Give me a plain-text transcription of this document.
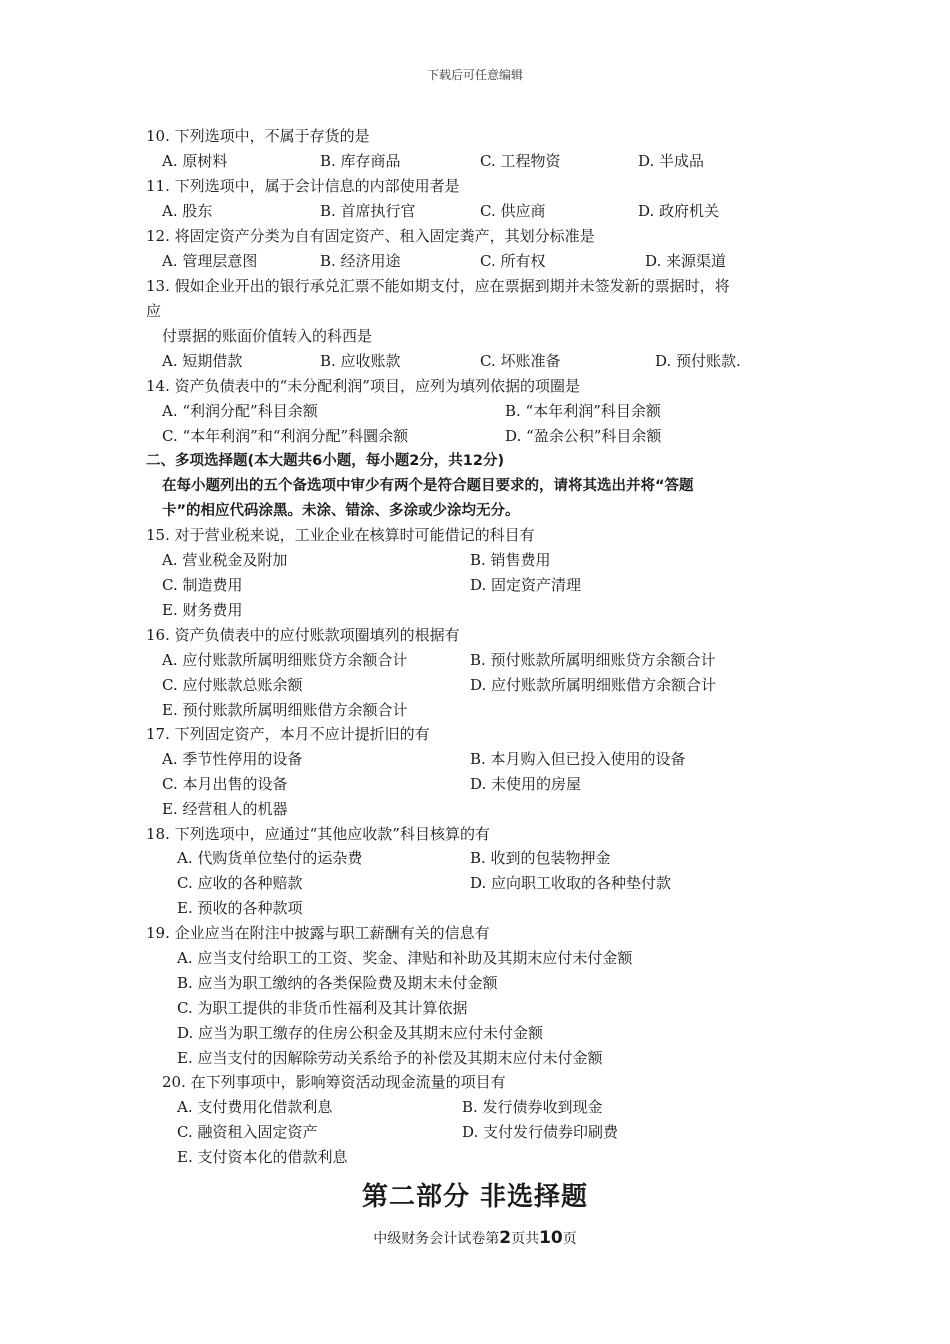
下载后可任意编辑
10. 下列选项中，不属于存货的是
A. 原树料	B. 库存商品	C. 工程物资	D. 半成品
11. 下列选项中，属于会计信息的内部使用者是
A. 股东	B. 首席执行官	C. 供应商	D. 政府机关
12. 将固定资产分类为自有固定资产、租入固定粪产，其划分标准是
A. 管理层意图	B. 经济用途	C. 所有权	D. 来源渠道
13. 假如企业开出的银行承兑汇票不能如期支付，应在票据到期并未签发新的票据时，将
应
付票据的账面价值转入的科西是
A. 短期借款	B. 应收账款	C. 坏账准备	D. 预付账款.
14. 资产负债表中的“未分配利润”项目，应列为填列依据的项圈是
A. “利润分配”科目余额	B. “本年利润”科目余额
C. “本年利润”和“利润分配”科圜余额	D. “盈余公积”科目余额
二、多项选择题(本大题共6小题，每小题2分，共12分)
在每小题列出的五个备选项中审少有两个是符合题目要求的，请将其选出并将“答题
卡”的相应代码涂黑。未涂、错涂、多涂或少涂均无分。
15. 对于营业税来说，工业企业在核算时可能借记的科目有
A. 营业税金及附加	B. 销售费用
C. 制造费用	D. 固定资产清理
E. 财务费用
16. 资产负债表中的应付账款项圈填列的根据有
A. 应付账款所属明细账贷方余额合计	B. 预付账款所属明细账贷方余额合计
C. 应付账款总账余额	D. 应付账款所属明细账借方余额合计
E. 预付账款所属明细账借方余额合计
17. 下列固定资产，本月不应计提折旧的有
A. 季节性停用的设备	B. 本月购入但已投入使用的设备
C. 本月出售的设备	D. 未使用的房屋
E. 经营租人的机器
18. 下列选项中，应通过“其他应收款”科目核算的有
A. 代购货单位垫付的运杂费	B. 收到的包装物押金
C. 应收的各种赔款	D. 应向职工收取的各种垫付款
E. 预收的各种款项
19. 企业应当在附注中披露与职工薪酬有关的信息有
A. 应当支付给职工的工资、奖金、津贴和补助及其期末应付未付金额
B. 应当为职工缴纳的各类保险费及期末未付金额
C. 为职工提供的非货币性福利及其计算依据
D. 应当为职工缴存的住房公积金及其期末应付未付金额
E. 应当支付的因解除劳动关系给予的补偿及其期末应付未付金额
20. 在下列事项中，影响筹资活动现金流量的项目有
A. 支付费用化借款利息	B. 发行债券收到现金
C. 融资租入固定资产	D. 支付发行债券印刷费
E. 支付资本化的借款利息
第二部分 非选择题
中级财务会计试卷第2页共10页
